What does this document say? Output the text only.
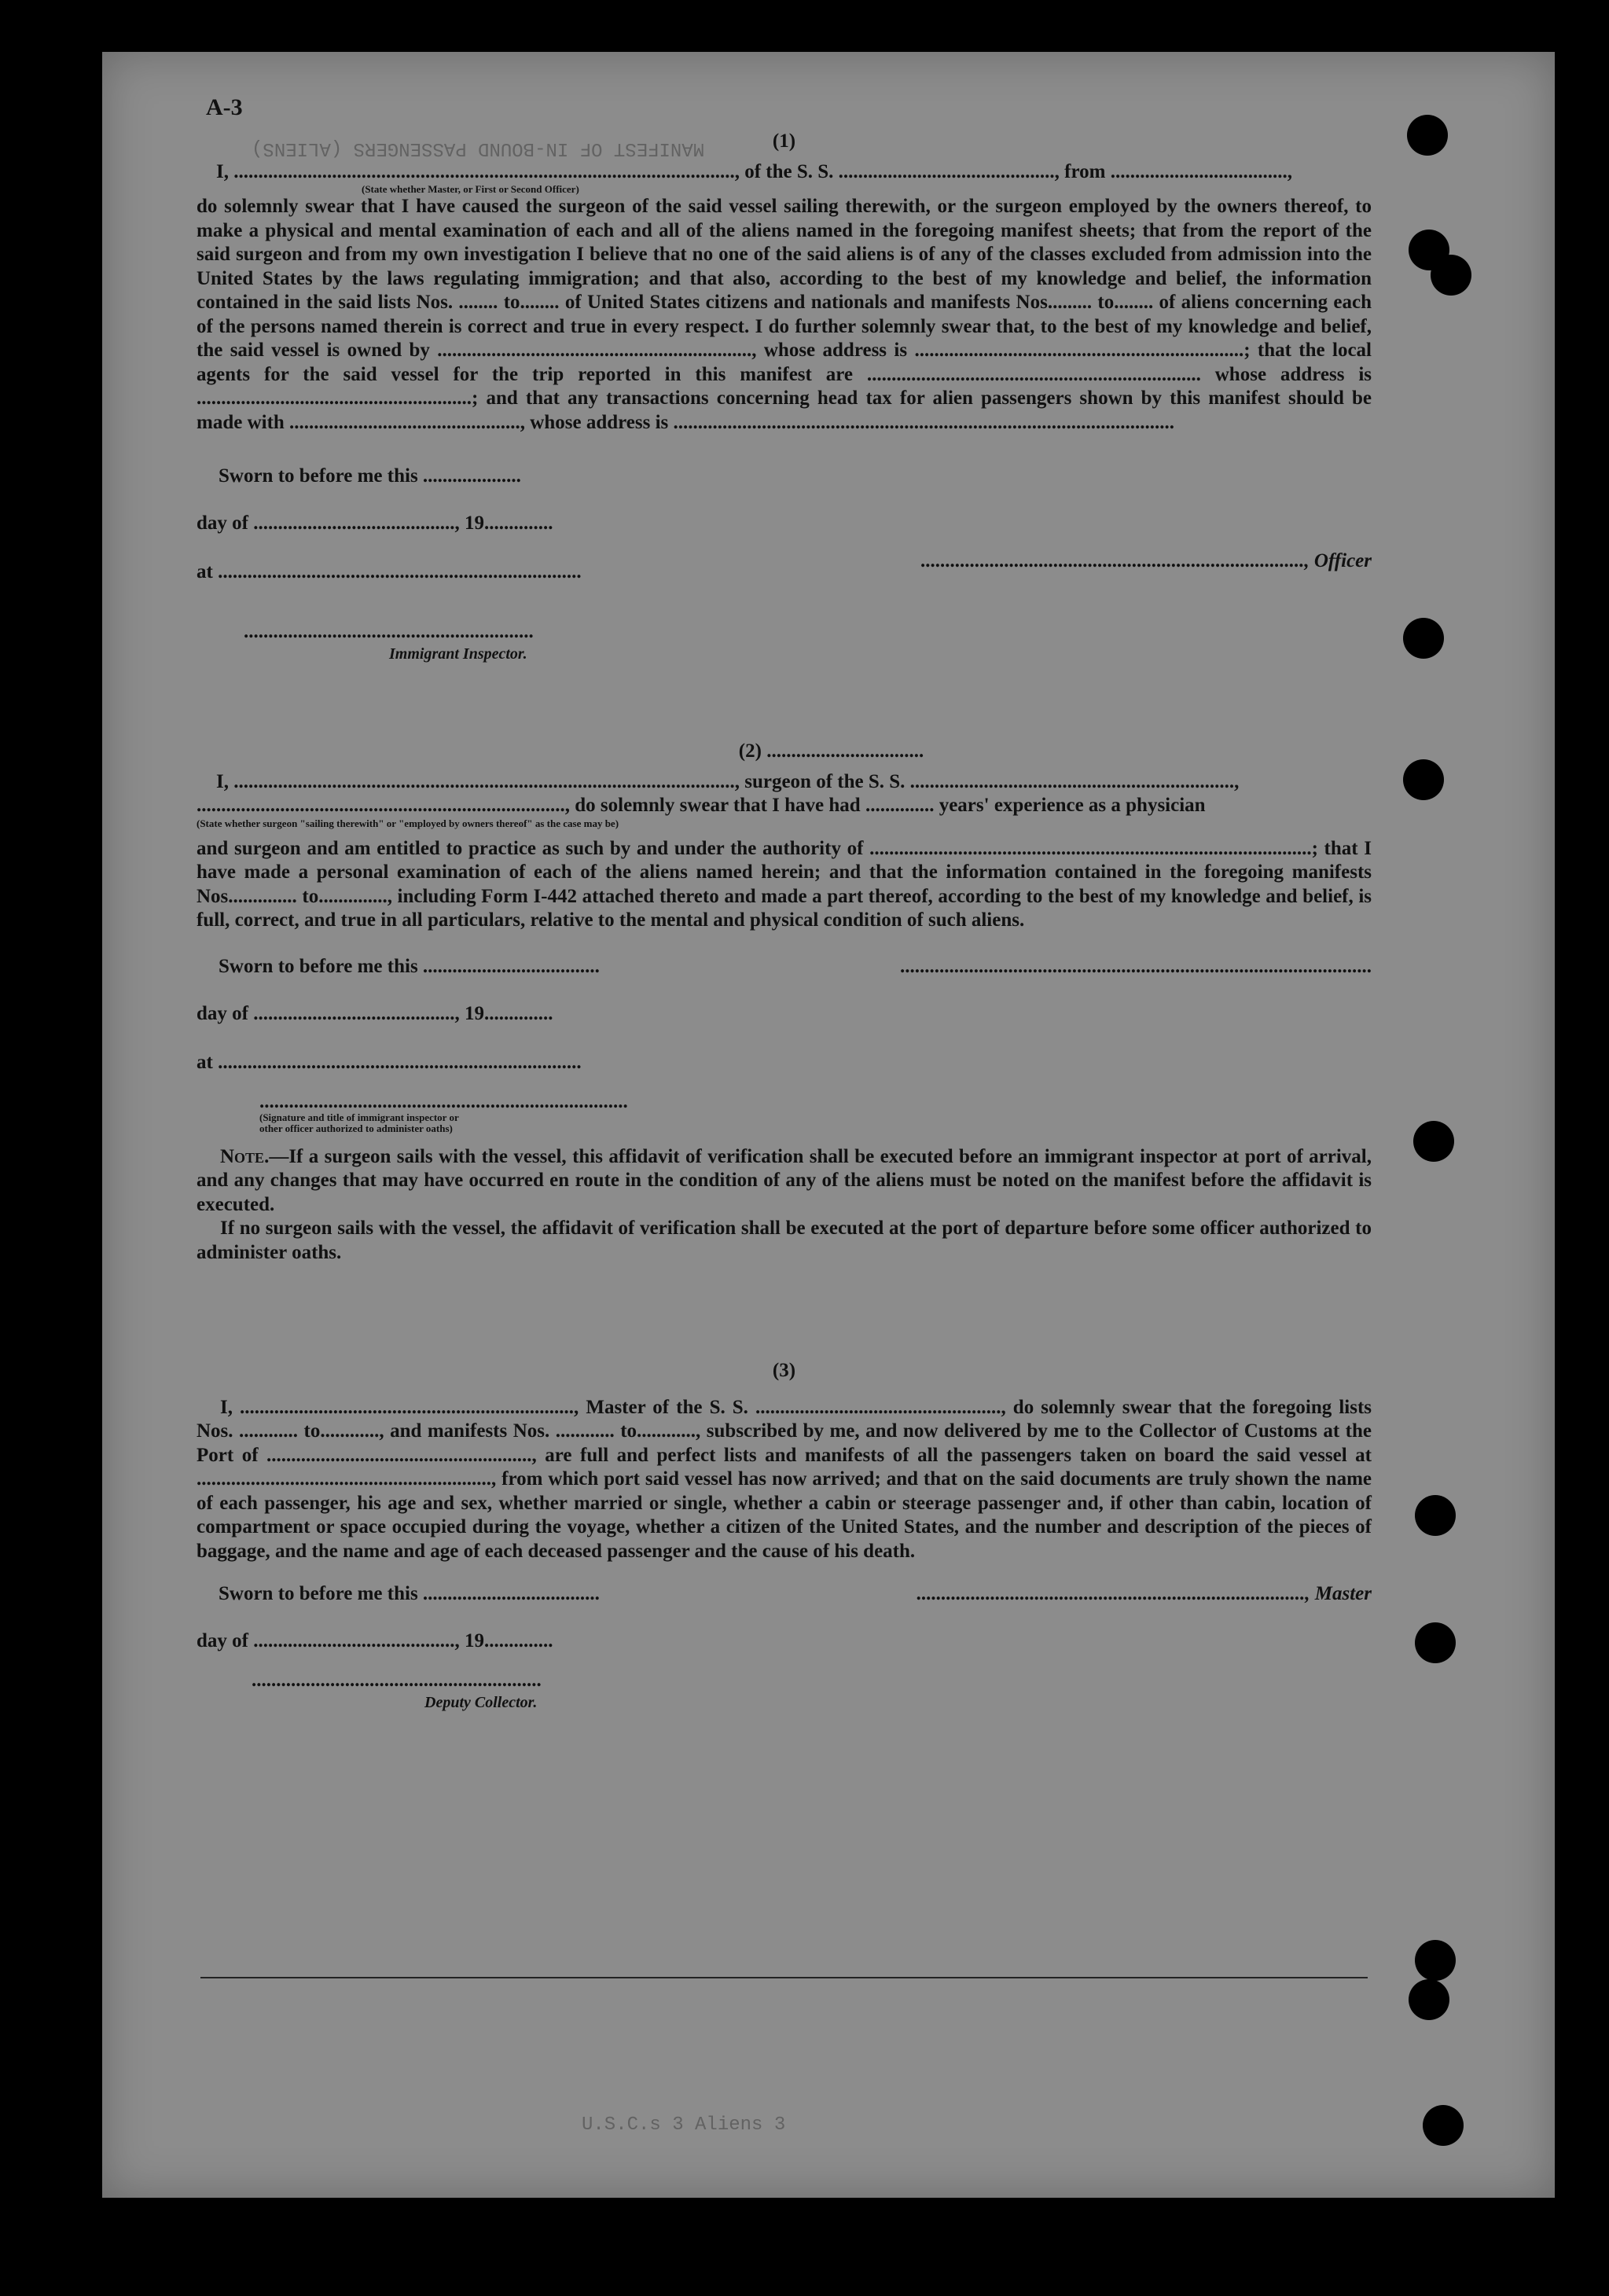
A-3
MANIFEST OF IN-BOUND PASSENGERS (ALIENS)
U.S.C.s 3 Aliens 3
(1)
I, ......................................................................................................, of the S. S. ............................................, from ....................................,
(State whether Master, or First or Second Officer)
do solemnly swear that I have caused the surgeon of the said vessel sailing therewith, or the surgeon employed by the owners thereof, to make a physical and mental examination of each and all of the aliens named in the foregoing manifest sheets; that from the report of the said surgeon and from my own investigation I believe that no one of the said aliens is of any of the classes excluded from admission into the United States by the laws regulating immigration; and that also, according to the best of my knowledge and belief, the information contained in the said lists Nos. ........ to........ of United States citizens and nationals and manifests Nos......... to........ of aliens concerning each of the persons named therein is correct and true in every respect. I do further solemnly swear that, to the best of my knowledge and belief, the said vessel is owned by ................................................................, whose address is ...................................................................; that the local agents for the said vessel for the trip reported in this manifest are .................................................................... whose address is ........................................................; and that any transactions concerning head tax for alien passengers shown by this manifest should be made with ..............................................., whose address is ......................................................................................................
Sworn to before me this ....................
day of ........................................., 19..............
.............................................................................., Officer
at ..........................................................................
...........................................................
Immigrant Inspector.
(2) ................................
I, ......................................................................................................, surgeon of the S. S. ..................................................................,
..........................................................................., do solemnly swear that I have had .............. years' experience as a physician
(State whether surgeon "sailing therewith" or "employed by owners thereof" as the case may be)
and surgeon and am entitled to practice as such by and under the authority of ..........................................................................................; that I have made a personal examination of each of the aliens named herein; and that the information contained in the foregoing manifests Nos.............. to.............., including Form I-442 attached thereto and made a part thereof, according to the best of my knowledge and belief, is full, correct, and true in all particulars, relative to the mental and physical condition of such aliens.
Sworn to before me this ....................................	................................................................................................
day of ........................................., 19..............
at ..........................................................................
...........................................................................
(Signature and title of immigrant inspector or
other officer authorized to administer oaths)
Note.—If a surgeon sails with the vessel, this affidavit of verification shall be executed before an immigrant inspector at port of arrival, and any changes that may have occurred en route in the condition of any of the aliens must be noted on the manifest before the affidavit is executed.
If no surgeon sails with the vessel, the affidavit of verification shall be executed at the port of departure before some officer authorized to administer oaths.
(3)
I, ...................................................................., Master of the S. S. .................................................., do solemnly swear that the foregoing lists Nos. ............ to............, and manifests Nos. ............ to............, subscribed by me, and now delivered by me to the Collector of Customs at the Port of ......................................................, are full and perfect lists and manifests of all the passengers taken on board the said vessel at ............................................................, from which port said vessel has now arrived; and that on the said documents are truly shown the name of each passenger, his age and sex, whether married or single, whether a cabin or steerage passenger and, if other than cabin, location of compartment or space occupied during the voyage, whether a citizen of the United States, and the number and description of the pieces of baggage, and the name and age of each deceased passenger and the cause of his death.
Sworn to before me this ....................................	..............................................................................., Master
day of ........................................., 19..............
...........................................................
Deputy Collector.
